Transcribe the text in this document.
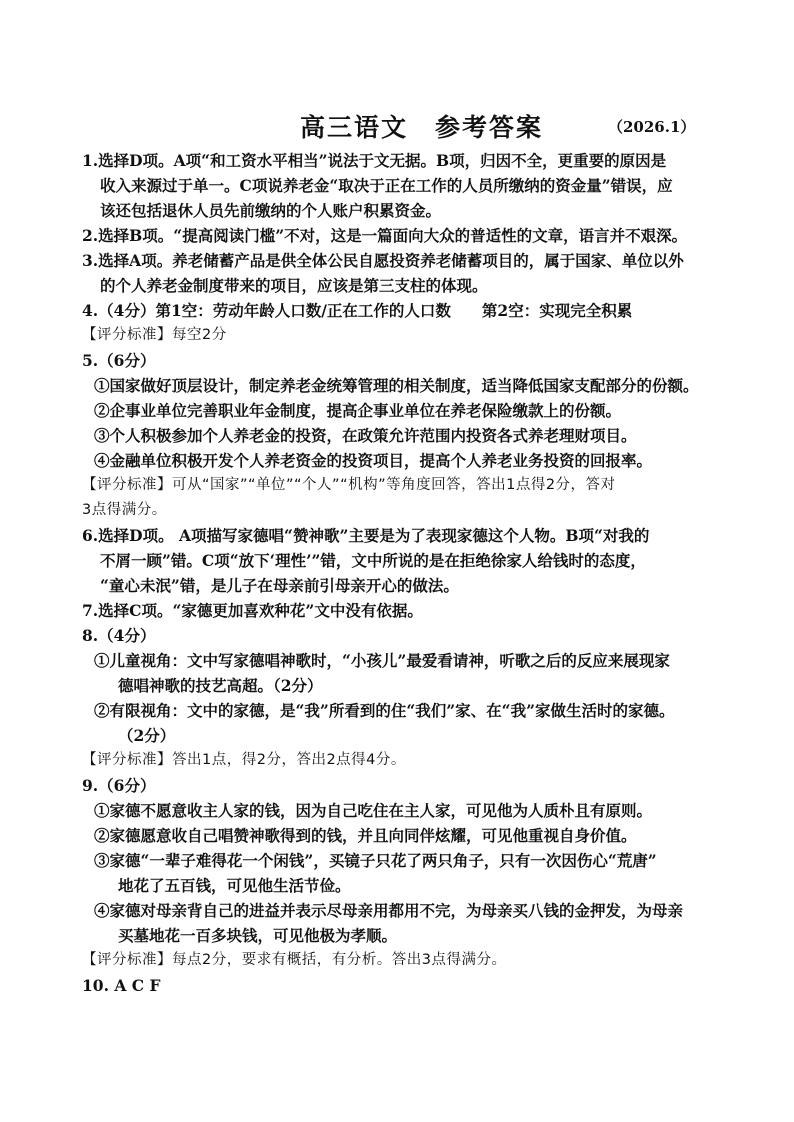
高三语文　参考答案	（2026.1）
1.选择D项。A项“和工资水平相当”说法于文无据。B项，归因不全，更重要的原因是
收入来源过于单一。C项说养老金“取决于正在工作的人员所缴纳的资金量”错误，应
该还包括退休人员先前缴纳的个人账户积累资金。
2.选择B项。“提高阅读门槛”不对，这是一篇面向大众的普适性的文章，语言并不艰深。
3.选择A项。养老储蓄产品是供全体公民自愿投资养老储蓄项目的，属于国家、单位以外
的个人养老金制度带来的项目，应该是第三支柱的体现。
4.（4分）第1空：劳动年龄人口数/正在工作的人口数　　第2空：实现完全积累
【评分标准】每空2分
5.（6分）
①国家做好顶层设计，制定养老金统筹管理的相关制度，适当降低国家支配部分的份额。
②企事业单位完善职业年金制度，提高企事业单位在养老保险缴款上的份额。
③个人积极参加个人养老金的投资，在政策允许范围内投资各式养老理财项目。
④金融单位积极开发个人养老资金的投资项目，提高个人养老业务投资的回报率。
【评分标准】可从“国家”“单位”“个人”“机构”等角度回答，答出1点得2分，答对
3点得满分。
6.选择D项。 A项描写家德唱“赞神歌”主要是为了表现家德这个人物。B项“对我的
不屑一顾”错。C项“放下‘理性’”错，文中所说的是在拒绝徐家人给钱时的态度，
“童心未泯”错，是儿子在母亲前引母亲开心的做法。
7.选择C项。“家德更加喜欢种花”文中没有依据。
8.（4分）
①儿童视角：文中写家德唱神歌时，“小孩儿”最爱看请神，听歌之后的反应来展现家
德唱神歌的技艺高超。（2分）
②有限视角：文中的家德，是“我”所看到的住“我们”家、在“我”家做生活时的家德。
（2分）
【评分标准】答出1点，得2分，答出2点得4分。
9.（6分）
①家德不愿意收主人家的钱，因为自己吃住在主人家，可见他为人质朴且有原则。
②家德愿意收自己唱赞神歌得到的钱，并且向同伴炫耀，可见他重视自身价值。
③家德“一辈子难得花一个闲钱”，买镜子只花了两只角子，只有一次因伤心“荒唐”
地花了五百钱，可见他生活节俭。
④家德对母亲背自己的进益并表示尽母亲用都用不完，为母亲买八钱的金押发，为母亲
买墓地花一百多块钱，可见他极为孝顺。
【评分标准】每点2分，要求有概括，有分析。答出3点得满分。
10. A C F
